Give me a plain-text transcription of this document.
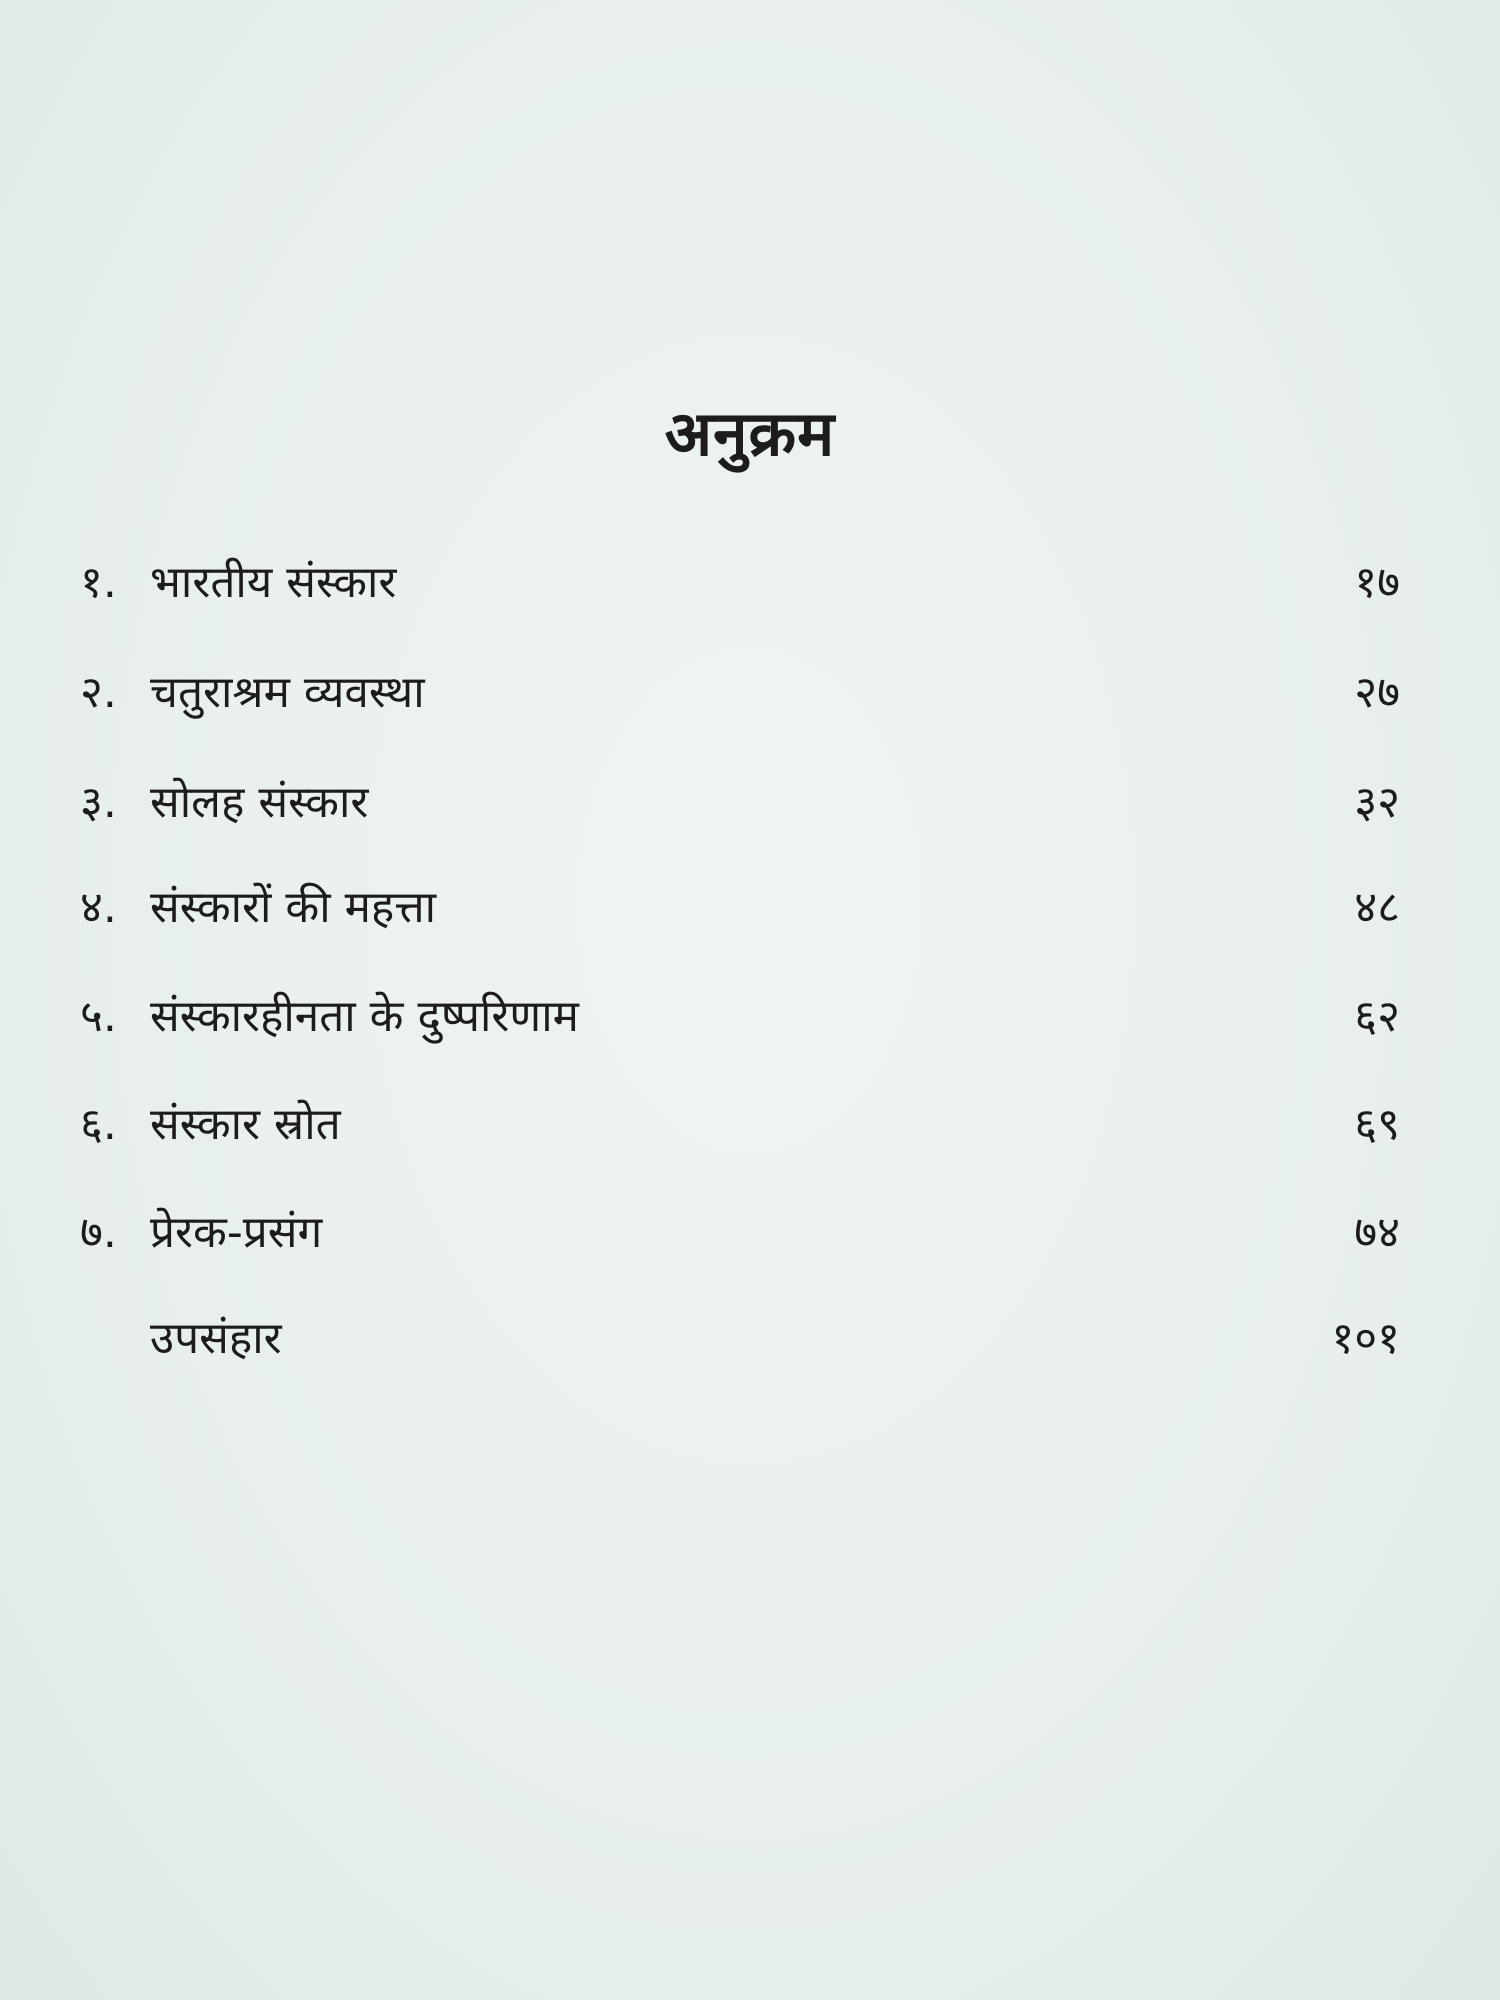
अनुक्रम
१. भारतीय संस्कार	१७
२. चतुराश्रम व्यवस्था	२७
३. सोलह संस्कार	३२
४. संस्कारों की महत्ता	४८
५. संस्कारहीनता के दुष्परिणाम	६२
६. संस्कार स्रोत	६९
७. प्रेरक-प्रसंग	७४
उपसंहार	१०१
